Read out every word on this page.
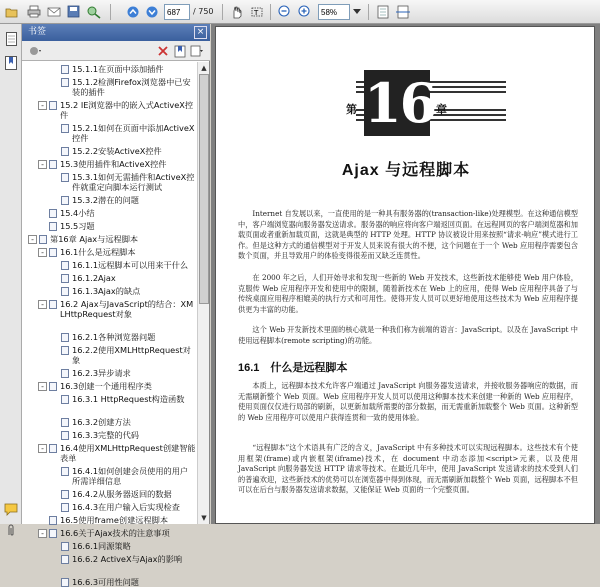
687
/ 750	T
58%
书签	×
15.1.1在页面中添加插件
15.1.2检测Firefox浏览器中已安装的插件
- 15.2 IE浏览器中的嵌入式ActiveX控件
15.2.1如何在页面中添加ActiveX控件
15.2.2安装ActiveX控件
- 15.3使用插件和ActiveX控件
15.3.1如何无需插件和ActiveX控件就重定向脚本运行测试
15.3.2潜在的问题
15.4小结
15.5习题
- 第16章 Ajax与远程脚本
- 16.1什么是远程脚本
16.1.1远程脚本可以用来干什么
16.1.2Ajax
16.1.3Ajax的缺点
- 16.2 Ajax与JavaScript的结合：XMLHttpRequest对象
16.2.1各种浏览器问题
16.2.2使用XMLHttpRequest对象
16.2.3异步请求
- 16.3创建一个通用程序类
16.3.1 HttpRequest构造函数
16.3.2创建方法
16.3.3完整的代码
- 16.4使用XMLHttpRequest创建智能表单
16.4.1如何创建会员使用的用户所需详细信息
16.4.2从服务器返回的数据
16.4.3在用户输入后实现检查
16.5使用frame创建远程脚本
- 16.6关于Ajax技术的注意事项
16.6.1同源策略
16.6.2 ActiveX与Ajax的影响
16.6.3可用性问题
▲
▼
第 16 章
Ajax 与远程脚本

Internet 自发展以来，一直使用的是一种具有服务器的(transaction-like)处理模型。在这种通信模型中，客户端浏览器向服务器发送请求。服务器的响应将向客户端返回页面。在远程网页的客户端浏览器和加载页面或者重新加载页面，这就是典型的 HTTP 处理。HTTP 协议被设计用来按照“请求-响应”模式进行工作。但是这种方式的通信模型对于开发人员来说有很大的不便，这个问题在于一个 Web 应用程序需要包含数个页面，并且导致用户的体验变得很差而又缺乏连贯性。

在 2000 年之后，人们开始寻求和发现一些新的 Web 开发技术，这些新技术能够使 Web 用户体验，克服传 Web 应用程序开发和使用中的限制，随着新技术在 Web 上的应用，使得 Web 应用程序具备了与传统桌面应用程序相媲美的执行方式和可用性。使得开发人员可以更好地使用这些技术为 Web 应用程序提供更为丰富的功能。

这个 Web 开发新技术里面的核心就是一种我们称为前端的语言：JavaScript。以及在 JavaScript 中使用远程脚本(remote scripting)的功能。

16.1　什么是远程脚本

本质上，远程脚本技术允许客户端通过 JavaScript 向服务器发送请求，并接收服务器响应的数据，而无需刷新整个 Web 页面。Web 应用程序开发人员可以使用这种脚本技术来创建一种新的 Web 应用程序，使用页面仅仅进行局部的刷新，以更新加载所需要的部分数据，而无需重新加载整个 Web 页面。这种新型的 Web 应用程序可以使用户获得连贯和一致的使用体验。

“远程脚本”这个术语具有广泛的含义，JavaScript 中有多种技术可以实现远程脚本。这些技术有个使用框架(frame)或内嵌框架(iframe)技术，在 document 中动态添加<script>元素，以及使用 JavaScript 向服务器发送 HTTP 请求等技术。在最近几年中，使用 JavaScript 发送请求的技术受到人们的普遍欢迎，这些新技术的优势可以在浏览器中得到体现，而无需刷新加载整个 Web 页面，远程脚本不但可以在后台与服务器发送请求数据，又能保证 Web 页面的一个完整页面。
